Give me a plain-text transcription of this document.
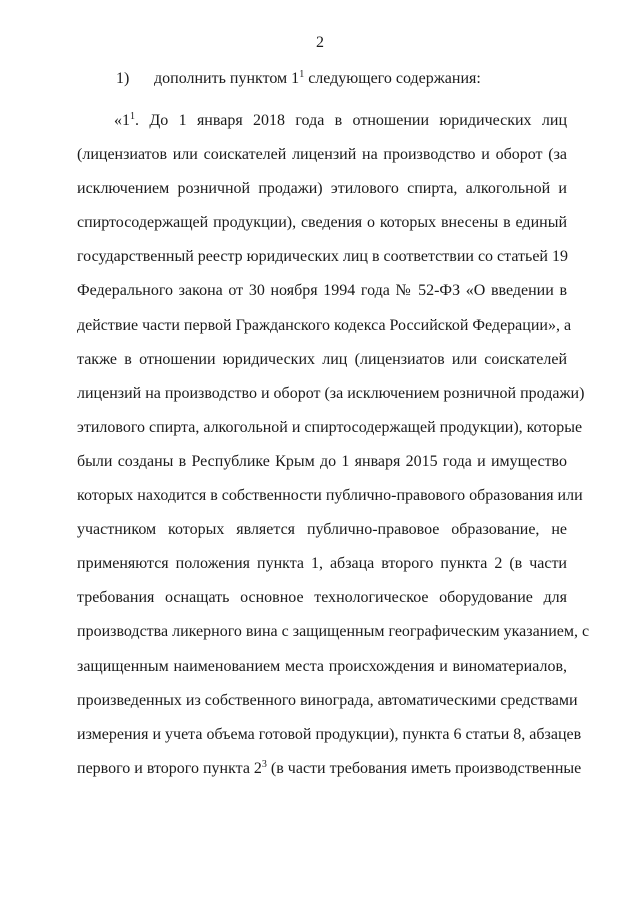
2
1) дополнить пунктом $1^1$ следующего содержания:
«$1^1$. До 1 января 2018 года в отношении юридических лиц
(лицензиатов или соискателей лицензий на производство и оборот (за
исключением розничной продажи) этилового спирта, алкогольной и
спиртосодержащей продукции), сведения о которых внесены в единый
государственный реестр юридических лиц в соответствии со статьей 19
Федерального закона от 30 ноября 1994 года № 52-ФЗ «О введении в
действие части первой Гражданского кодекса Российской Федерации», а
также в отношении юридических лиц (лицензиатов или соискателей
лицензий на производство и оборот (за исключением розничной продажи)
этилового спирта, алкогольной и спиртосодержащей продукции), которые
были созданы в Республике Крым до 1 января 2015 года и имущество
которых находится в собственности публично-правового образования или
участником которых является публично-правовое образование, не
применяются положения пункта 1, абзаца второго пункта 2 (в части
требования оснащать основное технологическое оборудование для
производства ликерного вина с защищенным географическим указанием, с
защищенным наименованием места происхождения и виноматериалов,
произведенных из собственного винограда, автоматическими средствами
измерения и учета объема готовой продукции), пункта 6 статьи 8, абзацев
первого и второго пункта $2^3$ (в части требования иметь производственные
